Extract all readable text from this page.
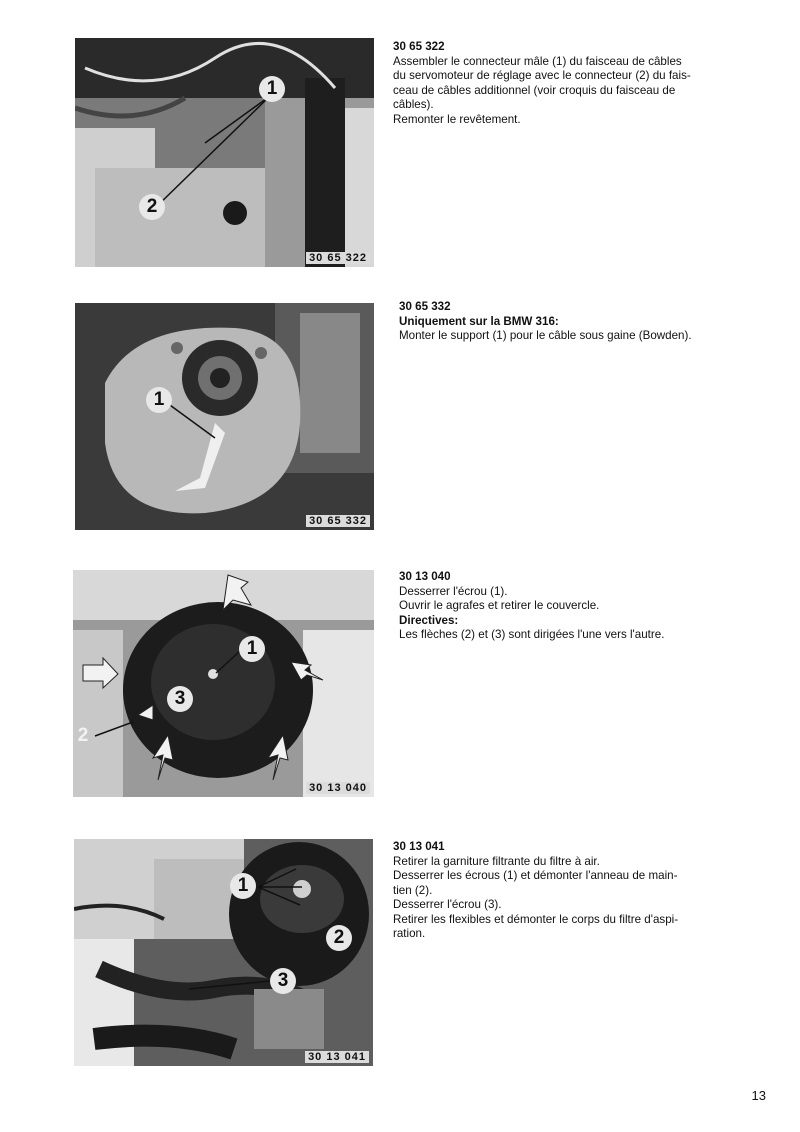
1
2
30 65 322

30 65 322

Assembler le connecteur mâle (1) du faisceau de câbles

du servomoteur de réglage avec le connecteur (2) du fais-

ceau de câbles additionnel (voir croquis du faisceau de

câbles).

Remonter le revêtement.

1
30 65 332

30 65 332

Uniquement sur la BMW 316:

Monter le support (1) pour le câble sous gaine (Bowden).

1
3
2
30 13 040

30 13 040

Desserrer l'écrou (1).

Ouvrir le agrafes et retirer le couvercle.

Directives:

Les flèches (2) et (3) sont dirigées l'une vers l'autre.

1
2
3
30 13 041

30 13 041

Retirer la garniture filtrante du filtre à air.

Desserrer les écrous (1) et démonter l'anneau de main-

tien (2).

Desserrer l'écrou (3).

Retirer les flexibles et démonter le corps du filtre d'aspi-

ration.

13
